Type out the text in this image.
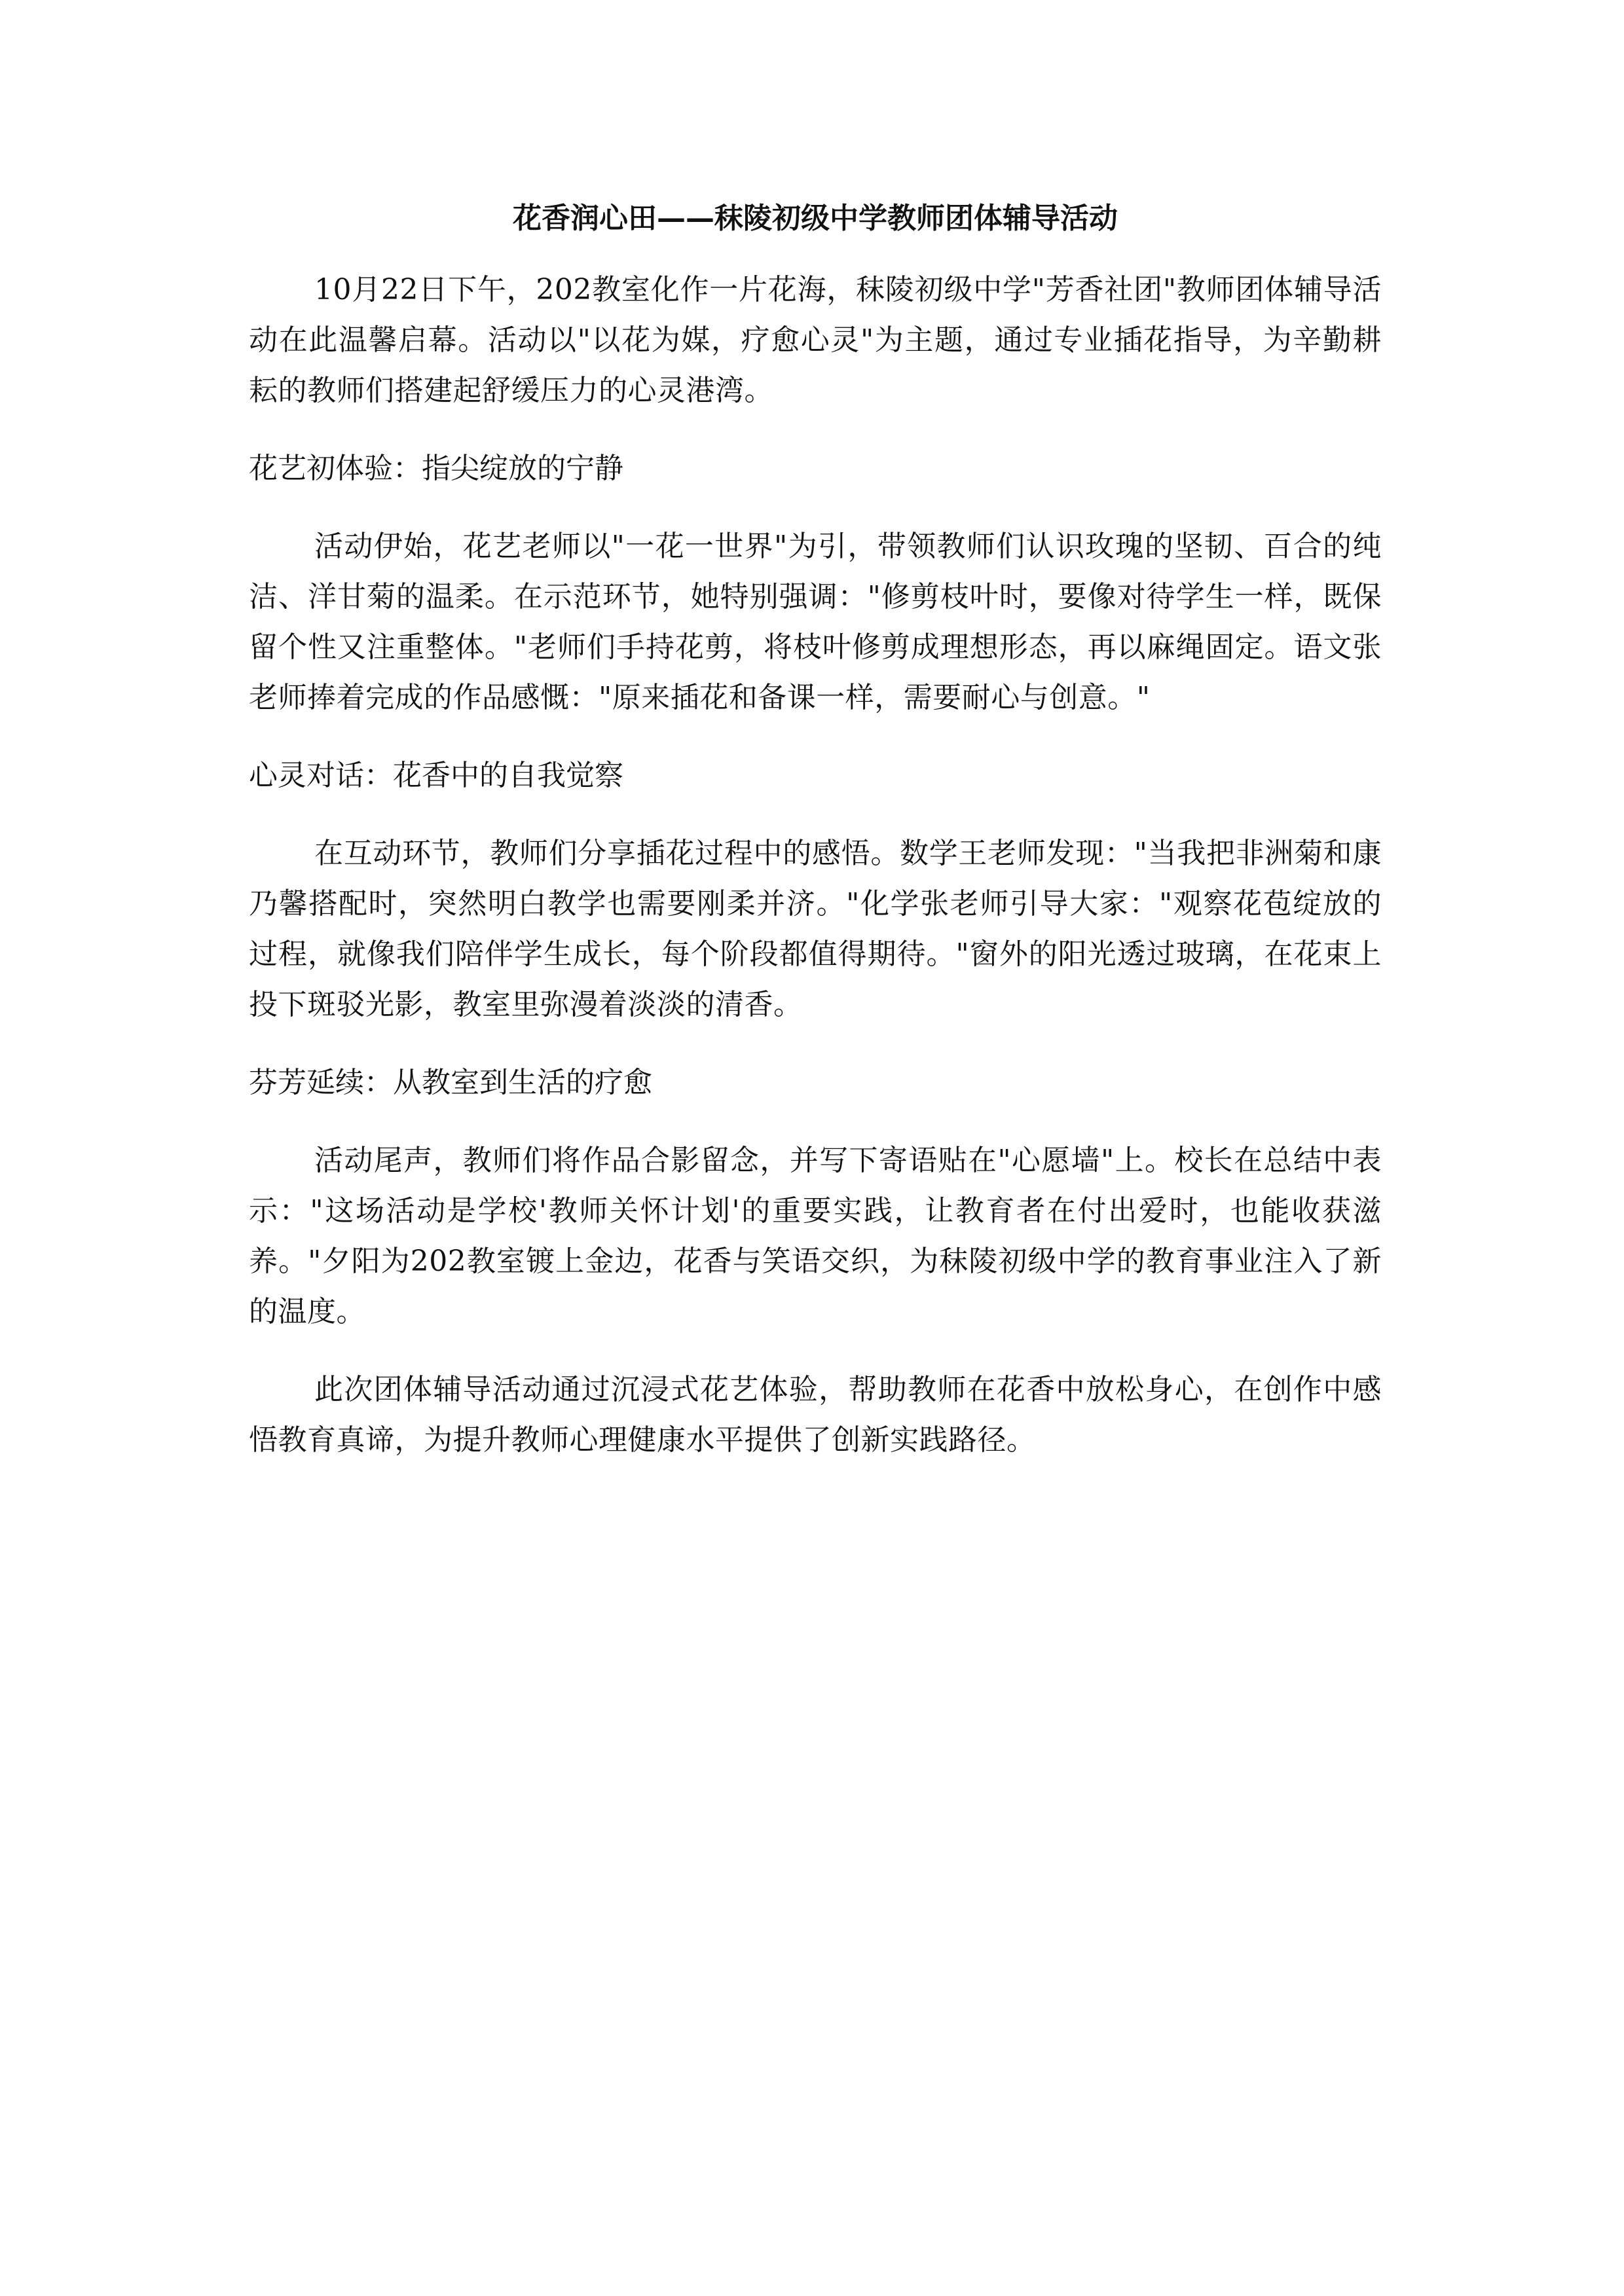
花香润心田——秣陵初级中学教师团体辅导活动

10月22日下午，202教室化作一片花海，秣陵初级中学"芳香社团"教师团体辅导活动在此温馨启幕。活动以"以花为媒，疗愈心灵"为主题，通过专业插花指导，为辛勤耕耘的教师们搭建起舒缓压力的心灵港湾。

花艺初体验：指尖绽放的宁静

活动伊始，花艺老师以"一花一世界"为引，带领教师们认识玫瑰的坚韧、百合的纯洁、洋甘菊的温柔。在示范环节，她特别强调："修剪枝叶时，要像对待学生一样，既保留个性又注重整体。"老师们手持花剪，将枝叶修剪成理想形态，再以麻绳固定。语文张老师捧着完成的作品感慨："原来插花和备课一样，需要耐心与创意。"

心灵对话：花香中的自我觉察

在互动环节，教师们分享插花过程中的感悟。数学王老师发现："当我把非洲菊和康乃馨搭配时，突然明白教学也需要刚柔并济。"化学张老师引导大家："观察花苞绽放的过程，就像我们陪伴学生成长，每个阶段都值得期待。"窗外的阳光透过玻璃，在花束上投下斑驳光影，教室里弥漫着淡淡的清香。

芬芳延续：从教室到生活的疗愈

活动尾声，教师们将作品合影留念，并写下寄语贴在"心愿墙"上。校长在总结中表示："这场活动是学校'教师关怀计划'的重要实践，让教育者在付出爱时，也能收获滋养。"夕阳为202教室镀上金边，花香与笑语交织，为秣陵初级中学的教育事业注入了新的温度。

此次团体辅导活动通过沉浸式花艺体验，帮助教师在花香中放松身心，在创作中感悟教育真谛，为提升教师心理健康水平提供了创新实践路径。
